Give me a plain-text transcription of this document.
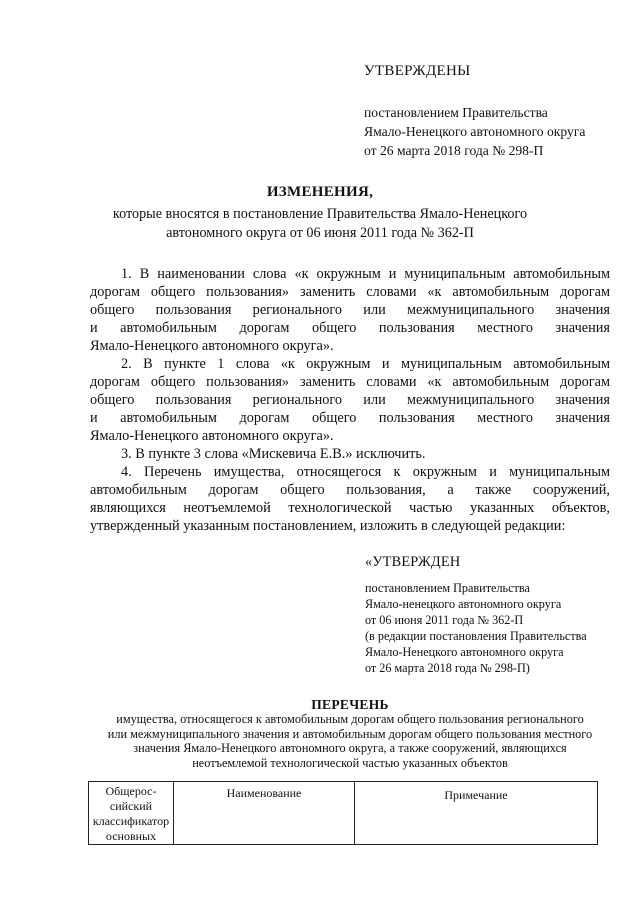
УТВЕРЖДЕНЫ
постановлением Правительства
Ямало-Ненецкого автономного округа
от 26 марта 2018 года № 298-П
ИЗМЕНЕНИЯ,
которые вносятся в постановление Правительства Ямало-Ненецкого
автономного округа от 06 июня 2011 года № 362-П

1. В наименовании слова «к окружным и муниципальным автомобильным
дорогам общего пользования» заменить словами «к автомобильным дорогам
общего пользования регионального или межмуниципального значения
и автомобильным дорогам общего пользования местного значения
Ямало-Ненецкого автономного округа».

2. В пункте 1 слова «к окружным и муниципальным автомобильным
дорогам общего пользования» заменить словами «к автомобильным дорогам
общего пользования регионального или межмуниципального значения
и автомобильным дорогам общего пользования местного значения
Ямало-Ненецкого автономного округа».

3. В пункте 3 слова «Мискевича Е.В.» исключить.

4. Перечень имущества, относящегося к окружным и муниципальным
автомобильным дорогам общего пользования, а также сооружений,
являющихся неотъемлемой технологической частью указанных объектов,
утвержденный указанным постановлением, изложить в следующей редакции:

«УТВЕРЖДЕН
постановлением Правительства
Ямало-ненецкого автономного округа
от 06 июня 2011 года № 362-П
(в редакции постановления Правительства
Ямало-Ненецкого автономного округа
от 26 марта 2018 года № 298-П)
ПЕРЕЧЕНЬ
имущества, относящегося к автомобильным дорогам общего пользования регионального
или межмуниципального значения и автомобильным дорогам общего пользования местного
значения Ямало-Ненецкого автономного округа, а также сооружений, являющихся
неотъемлемой технологической частью указанных объектов
Общерос-
сийский
классификатор
основных
	Наименование	Примечание
